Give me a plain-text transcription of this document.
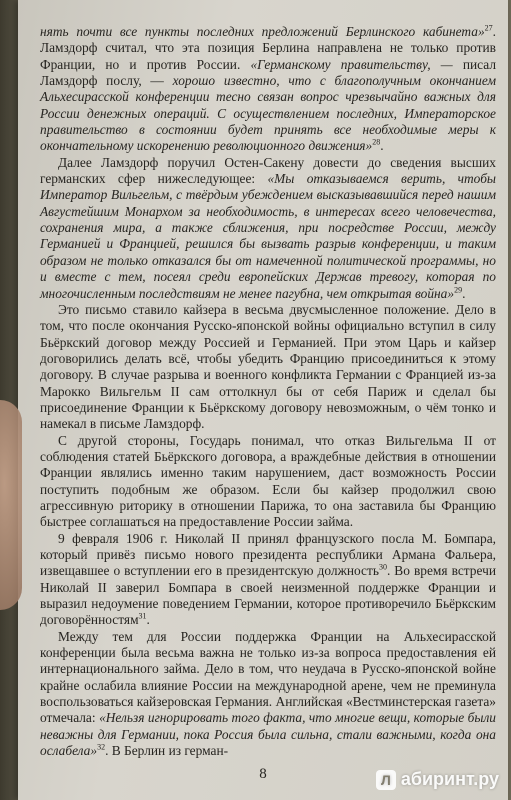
нять почти все пункты последних предложений Берлинского кабинета»$^{27}$. Ламздорф считал, что эта позиция Берлина направлена не только против Франции, но и против России. «Германскому правительству, — писал Ламздорф послу, — хорошо известно, что с благополучным окончанием Альхесирасской конференции тесно связан вопрос чрезвычайно важных для России денежных операций. С осуществлением последних, Императорское правительство в состоянии будет принять все необходимые меры к окончательному искоренению революционного движения»$^{28}$.

Далее Ламздорф поручил Остен-Сакену довести до сведения высших германских сфер нижеследующее: «Мы отказываемся верить, чтобы Император Вильгельм, с твёрдым убеждением высказывавшийся перед нашим Августейшим Монархом за необходимость, в интересах всего человечества, сохранения мира, а также сближения, при посредстве России, между Германией и Францией, решился бы вызвать разрыв конференции, и таким образом не только отказался бы от намеченной политической программы, но и вместе с тем, посеял среди европейских Держав тревогу, которая по многочисленным последствиям не менее пагубна, чем открытая война»$^{29}$.

Это письмо ставило кайзера в весьма двусмысленное положение. Дело в том, что после окончания Русско-японской войны официально вступил в силу Бьёркский договор между Россией и Германией. При этом Царь и кайзер договорились делать всё, чтобы убедить Францию присоединиться к этому договору. В случае разрыва и военного конфликта Германии с Францией из-за Марокко Вильгельм II сам оттолкнул бы от себя Париж и сделал бы присоединение Франции к Бьёркскому договору невозможным, о чём тонко и намекал в письме Ламздорф.

С другой стороны, Государь понимал, что отказ Вильгельма II от соблюдения статей Бьёркского договора, а враждебные действия в отношении Франции являлись именно таким нарушением, даст возможность России поступить подобным же образом. Если бы кайзер продолжил свою агрессивную риторику в отношении Парижа, то она заставила бы Францию быстрее соглашаться на предоставление России займа.

9 февраля 1906 г. Николай II принял французского посла М. Бомпара, который привёз письмо нового президента республики Армана Фальера, извещавшее о вступлении его в президентскую должность$^{30}$. Во время встречи Николай II заверил Бомпара в своей неизменной поддержке Франции и выразил недоумение поведением Германии, которое противоречило Бьёркским договорённостям$^{31}$.

Между тем для России поддержка Франции на Альхесирасской конференции была весьма важна не только из-за вопроса предоставления ей интернационального займа. Дело в том, что неудача в Русско-японской войне крайне ослабила влияние России на международной арене, чем не преминула воспользоваться кайзеровская Германия. Английская «Вестминстерская газета» отмечала: «Нельзя игнорировать того факта, что многие вещи, которые были неважны для Германии, пока Россия была сильна, стали важными, когда она ослабела»$^{32}$. В Берлин из герман-

8	Л абиринт.ру
